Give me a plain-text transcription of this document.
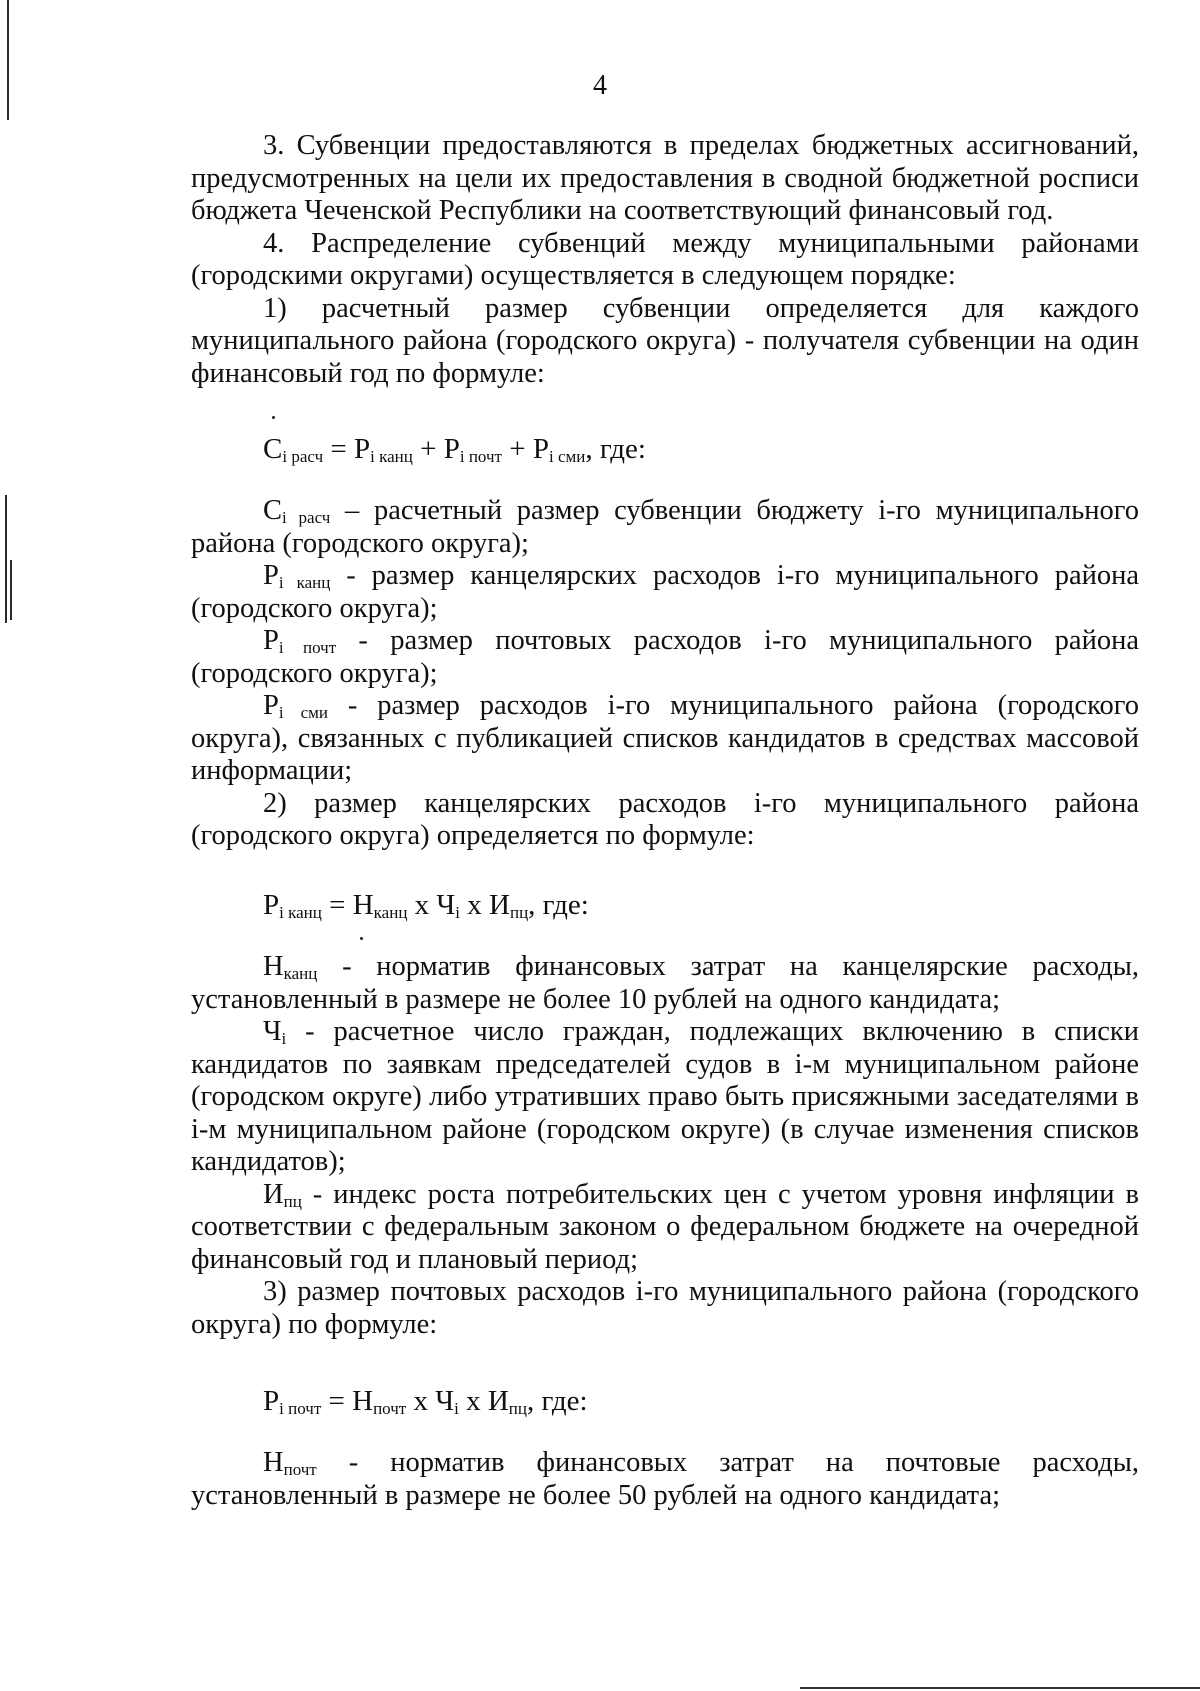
4
3. Субвенции предоставляются в пределах бюджетных ассигнований,
предусмотренных на цели их предоставления в сводной бюджетной росписи
бюджета Чеченской Республики на соответствующий финансовый год.
4. Распределение субвенций между муниципальными районами
(городскими округами) осуществляется в следующем порядке:
1) расчетный размер субвенции определяется для каждого
муниципального района (городского округа) - получателя субвенции на один
финансовый год по формуле:
$С_{i расч} = Р_{i канц} + Р_{i почт} + Р_{i сми}$, где:
$С_{i расч}$ – расчетный размер субвенции бюджету i-го муниципального
района (городского округа);
$Р_{i канц}$ - размер канцелярских расходов i-го муниципального района
(городского округа);
$Р_{i почт}$ - размер почтовых расходов i-го муниципального района
(городского округа);
$Р_{i сми}$ - размер расходов i-го муниципального района (городского
округа), связанных с публикацией списков кандидатов в средствах массовой
информации;
2) размер канцелярских расходов i-го муниципального района
(городского округа) определяется по формуле:
$Р_{i канц} = Н_{канц}$ х $Ч_i$ х $И_{пц}$, где:
$Н_{канц}$ - норматив финансовых затрат на канцелярские расходы,
установленный в размере не более 10 рублей на одного кандидата;
$Ч_i$ - расчетное число граждан, подлежащих включению в списки
кандидатов по заявкам председателей судов в i-м муниципальном районе
(городском округе) либо утративших право быть присяжными заседателями в
i-м муниципальном районе (городском округе) (в случае изменения списков
кандидатов);
$И_{пц}$ - индекс роста потребительских цен с учетом уровня инфляции в
соответствии с федеральным законом о федеральном бюджете на очередной
финансовый год и плановый период;
3) размер почтовых расходов i-го муниципального района (городского
округа) по формуле:
$Р_{i почт} = Н_{почт}$ х $Ч_i$ х $И_{пц}$, где:
$Н_{почт}$ - норматив финансовых затрат на почтовые расходы,
установленный в размере не более 50 рублей на одного кандидата;
